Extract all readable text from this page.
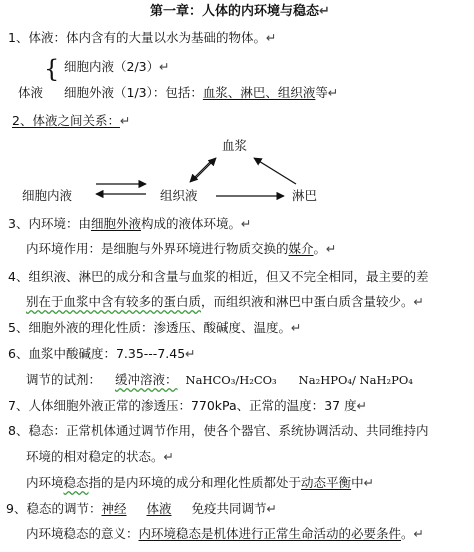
第一章：人体的内环境与稳态↵
1、体液：体内含有的大量以水为基础的物体。↵
{ 细胞内液（2/3）↵
体液 细胞外液（1/3）：包括：血浆、淋巴、组织液等↵
2、体液之间关系：↵
血浆
细胞内液	组织液	淋巴
3、内环境：由细胞外液构成的液体环境。↵
内环境作用：是细胞与外界环境进行物质交换的媒介。↵
4、组织液、淋巴的成分和含量与血浆的相近，但又不完全相同，最主要的差
别在于血浆中含有较多的蛋白质，而组织液和淋巴中蛋白质含量较少。↵
5、细胞外液的理化性质：渗透压、酸碱度、温度。↵
6、血浆中酸碱度：7.35---7.45↵
调节的试剂： 缓冲溶液： NaHCO₃/H₂CO₃ Na₂HPO₄/ NaH₂PO₄
7、人体细胞外液正常的渗透压：770kPa、正常的温度：37 度↵
8、稳态：正常机体通过调节作用，使各个器官、系统协调活动、共同维持内
环境的相对稳定的状态。↵
内环境稳态指的是内环境的成分和理化性质都处于动态平衡中↵
9、稳态的调节：神经 体液 免疫共同调节↵
内环境稳态的意义：内环境稳态是机体进行正常生命活动的必要条件。↵
